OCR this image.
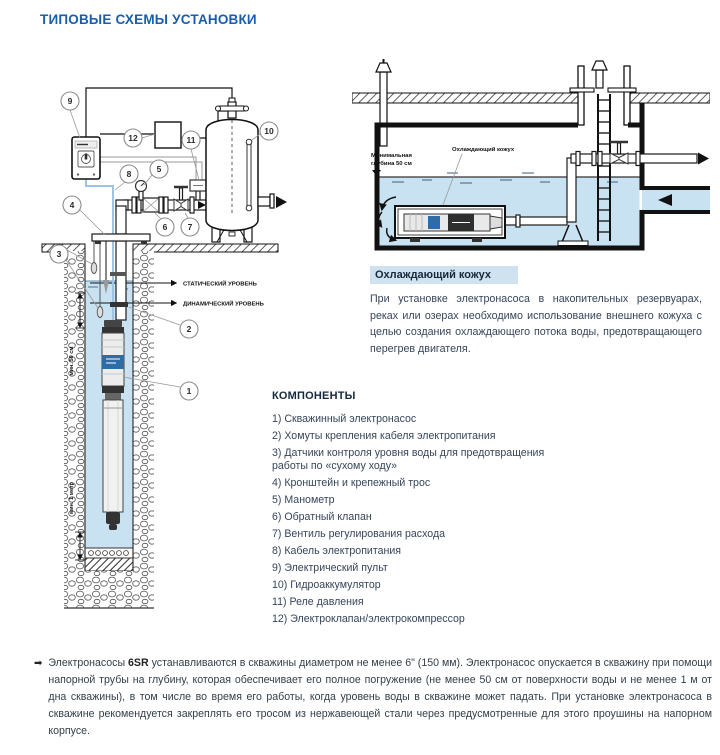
ТИПОВЫЕ СХЕМЫ УСТАНОВКИ
мин. 50 см
мин. 1 метр
СТАТИЧЕСКИЙ УРОВЕНЬ
ДИНАМИЧЕСКИЙ УРОВЕНЬ
9
12	11
10
8	5
4
6 7
3
2
1
Минимальная
глубина 50 см
Охлаждающий кожух
Охлаждающий кожух

При установке электронасоса в накопительных резервуарах, реках или озерах необходимо использование внешнего кожуха с целью создания охлаждающего потока воды, предотвращающего перегрев двигателя.

КОМПОНЕНТЫ
1) Скважинный электронасос
2) Хомуты крепления кабеля электропитания
3) Датчики контроля уровня воды для предотвращения работы по «сухому ходу»
4) Кронштейн и крепежный трос
5) Манометр
6) Обратный клапан
7) Вентиль регулирования расхода
8) Кабель электропитания
9) Электрический пульт
10) Гидроаккумулятор
11) Реле давления
12) Электроклапан/электрокомпрессор
➡ Электронасосы 6SR устанавливаются в скважины диаметром не менее 6" (150 мм). Электронасос опускается в скважину при помощи напорной трубы на глубину, которая обеспечивает его полное погружение (не менее 50 см от поверхности воды и не менее 1 м от дна скважины), в том числе во время его работы, когда уровень воды в скважине может падать. При установке электронасоса в скважине рекомендуется закреплять его тросом из нержавеющей стали через предусмотренные для этого проушины на напорном корпусе.
